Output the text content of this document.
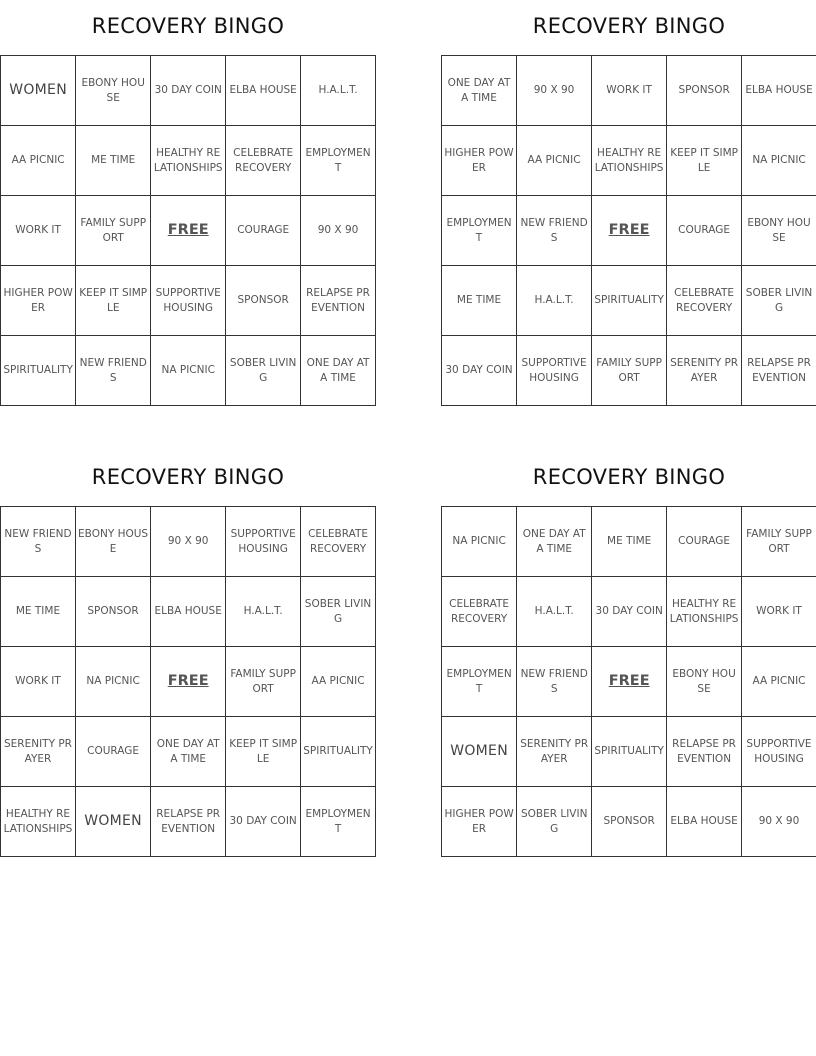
RECOVERY BINGO
WOMEN	EBONY HOUSE	30 DAY COIN	ELBA HOUSE	H.A.L.T.
AA PICNIC	ME TIME	HEALTHY RELATIONSHIPS	CELEBRATE RECOVERY	EMPLOYMENT
WORK IT	FAMILY SUPPORT	FREE	COURAGE	90 X 90
HIGHER POWER	KEEP IT SIMPLE	SUPPORTIVE HOUSING	SPONSOR	RELAPSE PREVENTION
SPIRITUALITY	NEW FRIENDS	NA PICNIC	SOBER LIVING	ONE DAY AT A TIME
RECOVERY BINGO
ONE DAY AT A TIME	90 X 90	WORK IT	SPONSOR	ELBA HOUSE
HIGHER POWER	AA PICNIC	HEALTHY RELATIONSHIPS	KEEP IT SIMPLE	NA PICNIC
EMPLOYMENT	NEW FRIENDS	FREE	COURAGE	EBONY HOUSE
ME TIME	H.A.L.T.	SPIRITUALITY	CELEBRATE RECOVERY	SOBER LIVING
30 DAY COIN	SUPPORTIVE HOUSING	FAMILY SUPPORT	SERENITY PRAYER	RELAPSE PREVENTION
RECOVERY BINGO
NEW FRIENDS	EBONY HOUSE	90 X 90	SUPPORTIVE HOUSING	CELEBRATE RECOVERY
ME TIME	SPONSOR	ELBA HOUSE	H.A.L.T.	SOBER LIVING
WORK IT	NA PICNIC	FREE	FAMILY SUPPORT	AA PICNIC
SERENITY PRAYER	COURAGE	ONE DAY AT A TIME	KEEP IT SIMPLE	SPIRITUALITY
HEALTHY RELATIONSHIPS	WOMEN	RELAPSE PREVENTION	30 DAY COIN	EMPLOYMENT
RECOVERY BINGO
NA PICNIC	ONE DAY AT A TIME	ME TIME	COURAGE	FAMILY SUPPORT
CELEBRATE RECOVERY	H.A.L.T.	30 DAY COIN	HEALTHY RELATIONSHIPS	WORK IT
EMPLOYMENT	NEW FRIENDS	FREE	EBONY HOUSE	AA PICNIC
WOMEN	SERENITY PRAYER	SPIRITUALITY	RELAPSE PREVENTION	SUPPORTIVE HOUSING
HIGHER POWER	SOBER LIVING	SPONSOR	ELBA HOUSE	90 X 90
